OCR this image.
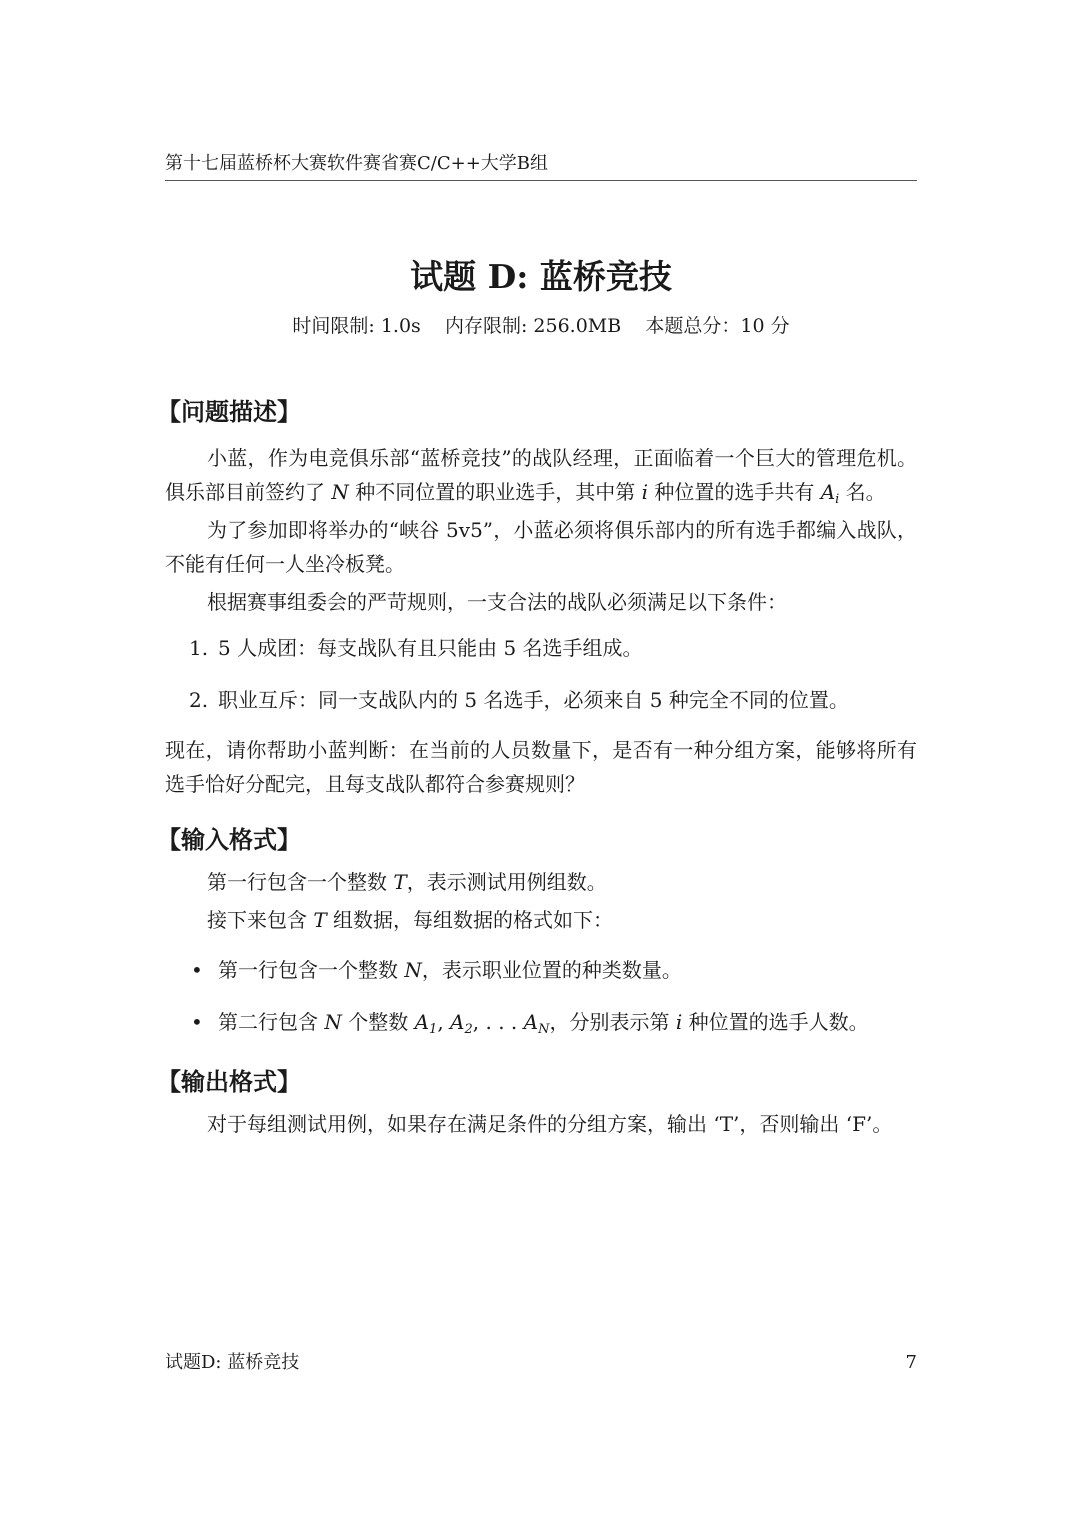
第十七届蓝桥杯大赛软件赛省赛C/C++大学B组
试题 D: 蓝桥竞技
时间限制: 1.0s 内存限制: 256.0MB 本题总分：10 分
【问题描述】

小蓝，作为电竞俱乐部“蓝桥竞技”的战队经理，正面临着一个巨大的管理危机。俱乐部目前签约了 N 种不同位置的职业选手，其中第 i 种位置的选手共有 $A_i$ 名。

为了参加即将举办的“峡谷 5v5”，小蓝必须将俱乐部内的所有选手都编入战队，不能有任何一人坐冷板凳。

根据赛事组委会的严苛规则，一支合法的战队必须满足以下条件：

1. 5 人成团：每支战队有且只能由 5 名选手组成。
2. 职业互斥：同一支战队内的 5 名选手，必须来自 5 种完全不同的位置。

现在，请你帮助小蓝判断：在当前的人员数量下，是否有一种分组方案，能够将所有选手恰好分配完，且每支战队都符合参赛规则？

【输入格式】

第一行包含一个整数 T，表示测试用例组数。

接下来包含 T 组数据，每组数据的格式如下：

• 第一行包含一个整数 N，表示职业位置的种类数量。
• 第二行包含 N 个整数 $A_1$, $A_2$, . . . $A_N$，分别表示第 i 种位置的选手人数。
【输出格式】

对于每组测试用例，如果存在满足条件的分组方案，输出 ‘T’，否则输出 ‘F’。

试题D: 蓝桥竞技	7
